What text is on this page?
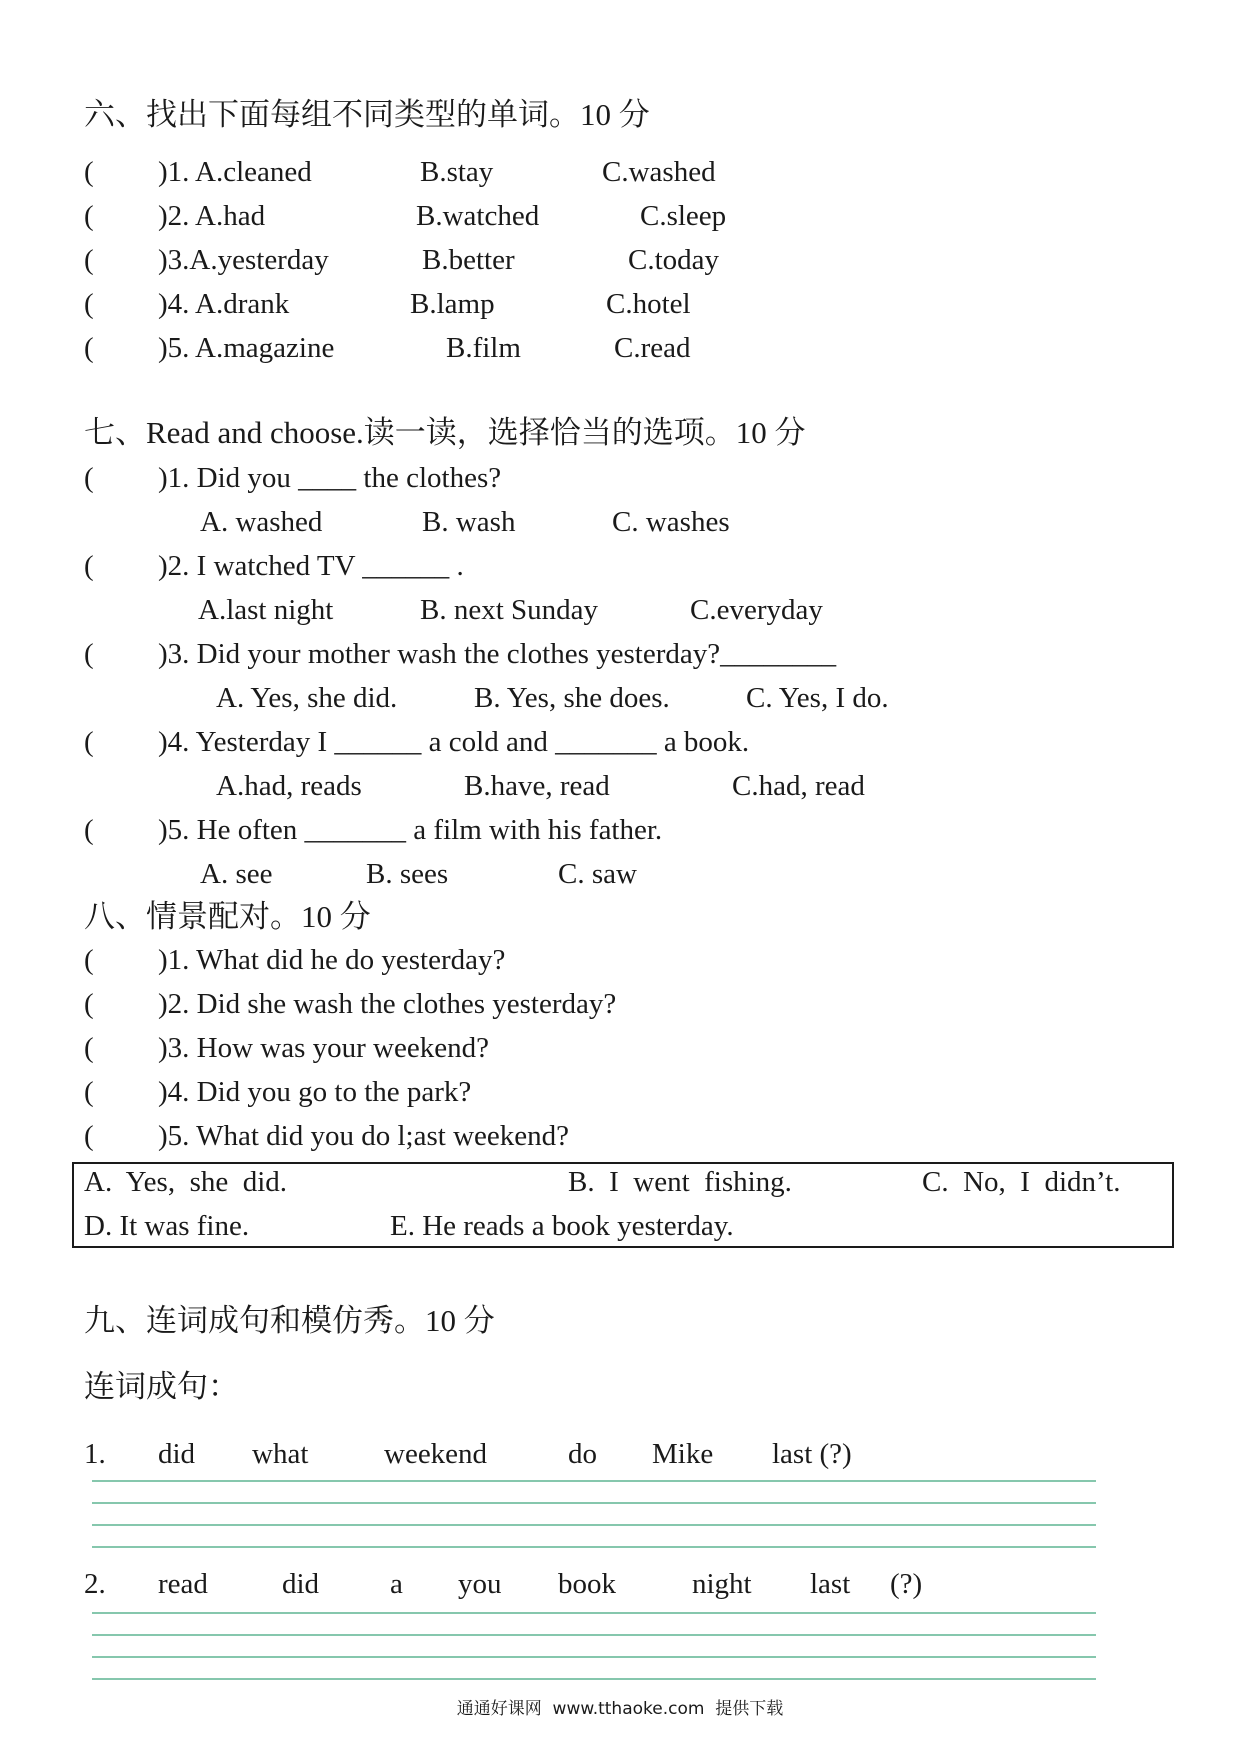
六、找出下面每组不同类型的单词。10 分
( )1. A.cleaned	B.stay	C.washed
( )2. A.had	B.watched	C.sleep
( )3.A.yesterday	B.better	C.today
( )4. A.drank	B.lamp	C.hotel
( )5. A.magazine	B.film	C.read
七、Read and choose.读一读，选择恰当的选项。10 分
( )1. Did you ____ the clothes?
A. washed	B. wash	C. washes
( )2. I watched TV ______ .
A.last night	B. next Sunday	C.everyday
( )3. Did your mother wash the clothes yesterday?________
A. Yes, she did.	B. Yes, she does.	C. Yes, I do.
( )4. Yesterday I ______ a cold and _______ a book.
A.had, reads	B.have, read	C.had, read
( )5. He often _______ a film with his father.
A. see	B. sees	C. saw
八、情景配对。10 分
( )1. What did he do yesterday?
( )2. Did she wash the clothes yesterday?
( )3. How was your weekend?
( )4. Did you go to the park?
( )5. What did you do l;ast weekend?
A.  Yes,  she  did.	B.  I  went  fishing.	C.  No,  I  didn’t.
D. It was fine.	E. He reads a book yesterday.
九、连词成句和模仿秀。10 分
连词成句：
1. did what	weekend	do Mike last (?)
2. read	did a you book	night last (?)
通通好课网  www.tthaoke.com  提供下载
